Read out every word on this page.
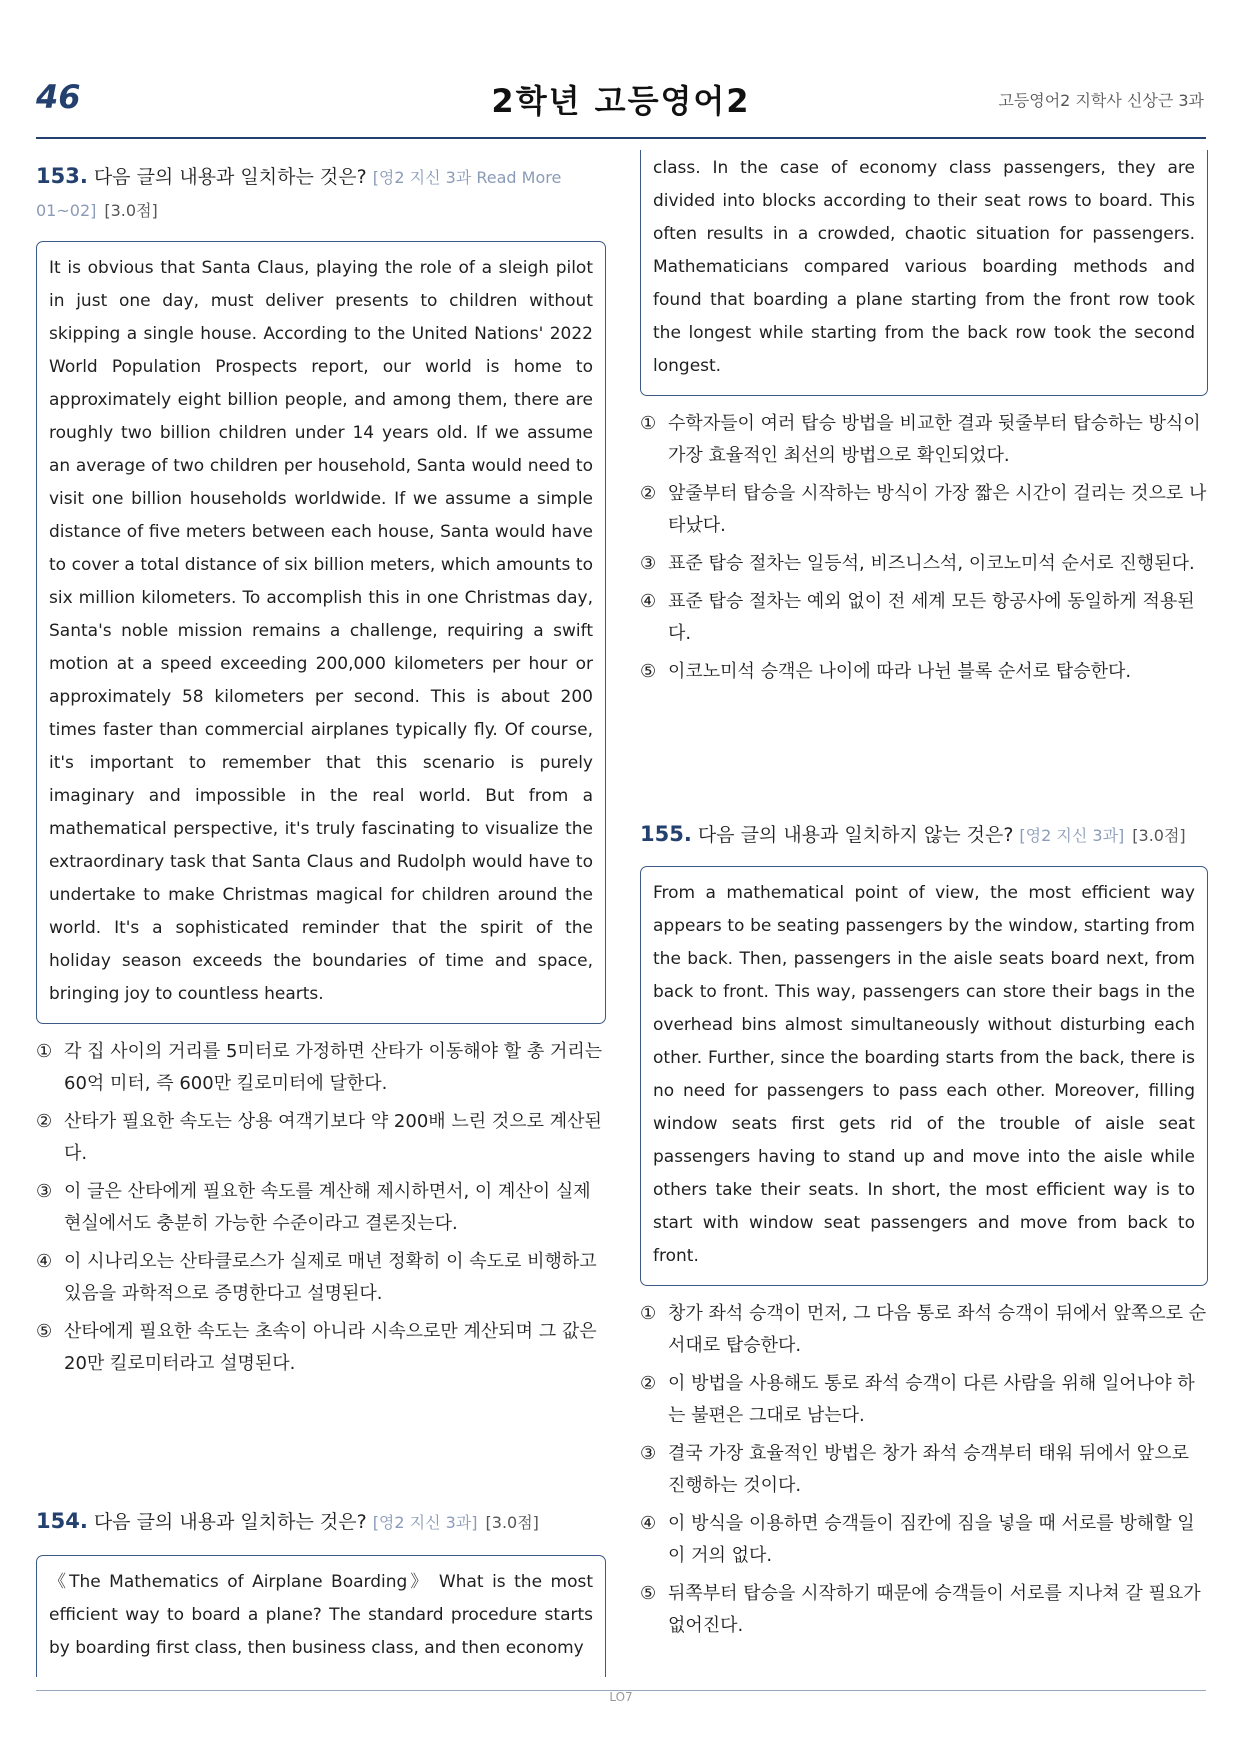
46	2학년 고등영어2	고등영어2 지학사 신상근 3과
153. 다음 글의 내용과 일치하는 것은? [영2 지신 3과 Read More 01~02] [3.0점]
It is obvious that Santa Claus, playing the role of a sleigh pilot in just one day, must deliver presents to children without skipping a single house. According to the United Nations' 2022 World Population Prospects report, our world is home to approximately eight billion people, and among them, there are roughly two billion children under 14 years old. If we assume an average of two children per household, Santa would need to visit one billion households worldwide. If we assume a simple distance of five meters between each house, Santa would have to cover a total distance of six billion meters, which amounts to six million kilometers. To accomplish this in one Christmas day, Santa's noble mission remains a challenge, requiring a swift motion at a speed exceeding 200,000 kilometers per hour or approximately 58 kilometers per second. This is about 200 times faster than commercial airplanes typically fly. Of course, it's important to remember that this scenario is purely imaginary and impossible in the real world. But from a mathematical perspective, it's truly fascinating to visualize the extraordinary task that Santa Claus and Rudolph would have to undertake to make Christmas magical for children around the world. It's a sophisticated reminder that the spirit of the holiday season exceeds the boundaries of time and space, bringing joy to countless hearts.
① 각 집 사이의 거리를 5미터로 가정하면 산타가 이동해야 할 총 거리는 60억 미터, 즉 600만 킬로미터에 달한다.
② 산타가 필요한 속도는 상용 여객기보다 약 200배 느린 것으로 계산된다.
③ 이 글은 산타에게 필요한 속도를 계산해 제시하면서, 이 계산이 실제 현실에서도 충분히 가능한 수준이라고 결론짓는다.
④ 이 시나리오는 산타클로스가 실제로 매년 정확히 이 속도로 비행하고 있음을 과학적으로 증명한다고 설명된다.
⑤ 산타에게 필요한 속도는 초속이 아니라 시속으로만 계산되며 그 값은 20만 킬로미터라고 설명된다.
154. 다음 글의 내용과 일치하는 것은? [영2 지신 3과] [3.0점]
《The Mathematics of Airplane Boarding》 What is the most efficient way to board a plane? The standard procedure starts by boarding first class, then business class, and then economy
class. In the case of economy class passengers, they are divided into blocks according to their seat rows to board. This often results in a crowded, chaotic situation for passengers. Mathematicians compared various boarding methods and found that boarding a plane starting from the front row took the longest while starting from the back row took the second longest.
① 수학자들이 여러 탑승 방법을 비교한 결과 뒷줄부터 탑승하는 방식이 가장 효율적인 최선의 방법으로 확인되었다.
② 앞줄부터 탑승을 시작하는 방식이 가장 짧은 시간이 걸리는 것으로 나타났다.
③ 표준 탑승 절차는 일등석, 비즈니스석, 이코노미석 순서로 진행된다.
④ 표준 탑승 절차는 예외 없이 전 세계 모든 항공사에 동일하게 적용된다.
⑤ 이코노미석 승객은 나이에 따라 나뉜 블록 순서로 탑승한다.
155. 다음 글의 내용과 일치하지 않는 것은? [영2 지신 3과] [3.0점]
From a mathematical point of view, the most efficient way appears to be seating passengers by the window, starting from the back. Then, passengers in the aisle seats board next, from back to front. This way, passengers can store their bags in the overhead bins almost simultaneously without disturbing each other. Further, since the boarding starts from the back, there is no need for passengers to pass each other. Moreover, filling window seats first gets rid of the trouble of aisle seat passengers having to stand up and move into the aisle while others take their seats. In short, the most efficient way is to start with window seat passengers and move from back to front.
① 창가 좌석 승객이 먼저, 그 다음 통로 좌석 승객이 뒤에서 앞쪽으로 순서대로 탑승한다.
② 이 방법을 사용해도 통로 좌석 승객이 다른 사람을 위해 일어나야 하는 불편은 그대로 남는다.
③ 결국 가장 효율적인 방법은 창가 좌석 승객부터 태워 뒤에서 앞으로 진행하는 것이다.
④ 이 방식을 이용하면 승객들이 짐칸에 짐을 넣을 때 서로를 방해할 일이 거의 없다.
⑤ 뒤쪽부터 탑승을 시작하기 때문에 승객들이 서로를 지나쳐 갈 필요가 없어진다.
LO7
